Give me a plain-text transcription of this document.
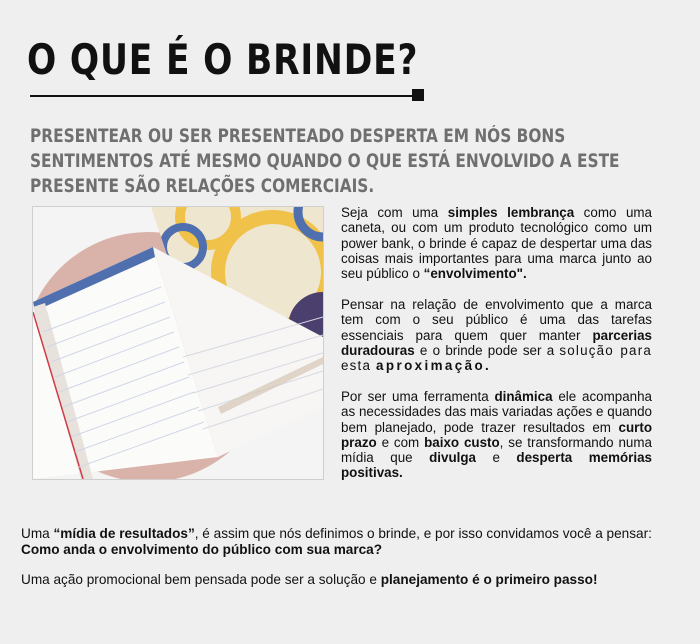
O QUE É O BRINDE?
PRESENTEAR OU SER PRESENTEADO DESPERTA EM NÓS BONS SENTIMENTOS ATÉ MESMO QUANDO O QUE ESTÁ ENVOLVIDO A ESTE PRESENTE SÃO RELAÇÕES COMERCIAIS.

Seja com uma simples lembrança como uma caneta, ou com um produto tecnológico como um power bank, o brinde é capaz de despertar uma das coisas mais importantes para uma marca junto ao seu público o “envolvimento".

Pensar na relação de envolvimento que a marca tem com o seu público é uma das tarefas essenciais para quem quer manter parcerias duradouras e o brinde pode ser a solução para esta aproximação.

Por ser uma ferramenta dinâmica ele acompanha as necessidades das mais variadas ações e quando bem planejado, pode trazer resultados em curto prazo e com baixo custo, se transformando numa mídia que divulga e desperta memórias positivas.

Uma “mídia de resultados”, é assim que nós definimos o brinde, e por isso convidamos você a pensar: Como anda o envolvimento do público com sua marca?

Uma ação promocional bem pensada pode ser a solução e planejamento é o primeiro passo!
